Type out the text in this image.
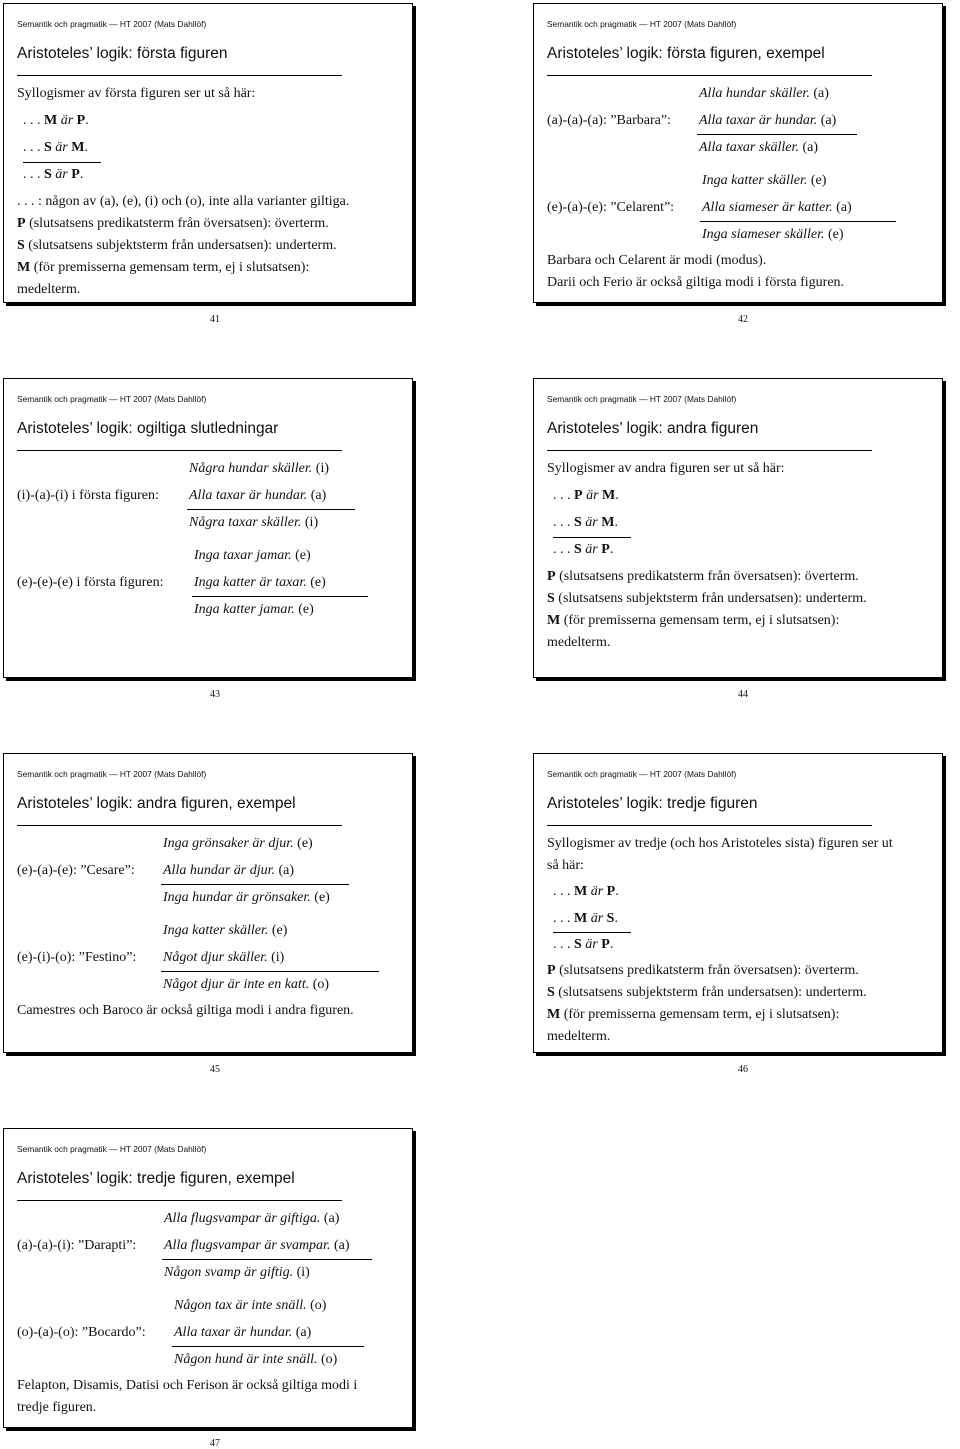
Semantik och pragmatik — HT 2007 (Mats Dahllöf)
Aristoteles’ logik: första figuren
Syllogismer av första figuren ser ut så här:
. . . M är P.
. . . S är M.
. . . S är P.
. . . : någon av (a), (e), (i) och (o), inte alla varianter giltiga.
P (slutsatsens predikatsterm från översatsen): överterm.
S (slutsatsens subjektsterm från undersatsen): underterm.
M (för premisserna gemensam term, ej i slutsatsen):
medelterm.
41
Semantik och pragmatik — HT 2007 (Mats Dahllöf)
Aristoteles’ logik: första figuren, exempel
(a)-(a)-(a): ”Barbara”:
Alla hundar skäller. (a)
Alla taxar är hundar. (a)
Alla taxar skäller. (a)
(e)-(a)-(e): ”Celarent”:
Inga katter skäller. (e)
Alla siameser är katter. (a)
Inga siameser skäller. (e)
Barbara och Celarent är modi (modus).
Darii och Ferio är också giltiga modi i första figuren.
42
Semantik och pragmatik — HT 2007 (Mats Dahllöf)
Aristoteles’ logik: ogiltiga slutledningar
(i)-(a)-(i) i första figuren:
Några hundar skäller. (i)
Alla taxar är hundar. (a)
Några taxar skäller. (i)
(e)-(e)-(e) i första figuren:
Inga taxar jamar. (e)
Inga katter är taxar. (e)
Inga katter jamar. (e)
43
Semantik och pragmatik — HT 2007 (Mats Dahllöf)
Aristoteles’ logik: andra figuren
Syllogismer av andra figuren ser ut så här:
. . . P är M.
. . . S är M.
. . . S är P.
P (slutsatsens predikatsterm från översatsen): överterm.
S (slutsatsens subjektsterm från undersatsen): underterm.
M (för premisserna gemensam term, ej i slutsatsen):
medelterm.
44
Semantik och pragmatik — HT 2007 (Mats Dahllöf)
Aristoteles’ logik: andra figuren, exempel
(e)-(a)-(e): ”Cesare”:
Inga grönsaker är djur. (e)
Alla hundar är djur. (a)
Inga hundar är grönsaker. (e)
(e)-(i)-(o): ”Festino”:
Inga katter skäller. (e)
Något djur skäller. (i)
Något djur är inte en katt. (o)
Camestres och Baroco är också giltiga modi i andra figuren.
45
Semantik och pragmatik — HT 2007 (Mats Dahllöf)
Aristoteles’ logik: tredje figuren
Syllogismer av tredje (och hos Aristoteles sista) figuren ser ut
så här:
. . . M är P.
. . . M är S.
. . . S är P.
P (slutsatsens predikatsterm från översatsen): överterm.
S (slutsatsens subjektsterm från undersatsen): underterm.
M (för premisserna gemensam term, ej i slutsatsen):
medelterm.
46
Semantik och pragmatik — HT 2007 (Mats Dahllöf)
Aristoteles’ logik: tredje figuren, exempel
(a)-(a)-(i): ”Darapti”:
Alla flugsvampar är giftiga. (a)
Alla flugsvampar är svampar. (a)
Någon svamp är giftig. (i)
(o)-(a)-(o): ”Bocardo”:
Någon tax är inte snäll. (o)
Alla taxar är hundar. (a)
Någon hund är inte snäll. (o)
Felapton, Disamis, Datisi och Ferison är också giltiga modi i
tredje figuren.
47
